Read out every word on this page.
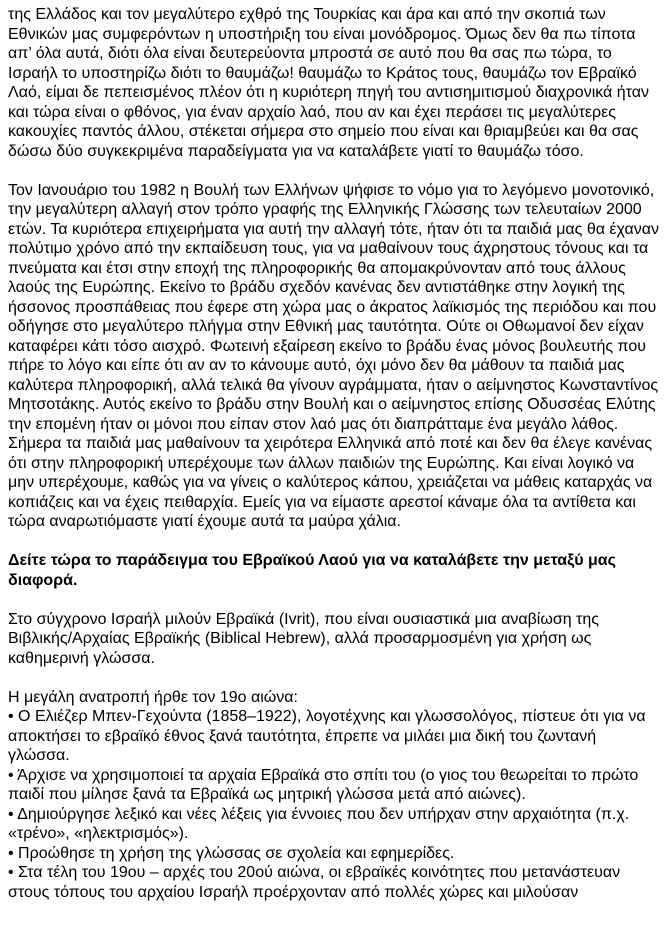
της Ελλάδος και τον μεγαλύτερο εχθρό της Τουρκίας και άρα και από την σκοπιά των Εθνικών μας συμφερόντων η υποστήριξη του είναι μονόδρομος. Όμως δεν θα πω τίποτα απ’ όλα αυτά, διότι όλα είναι δευτερεύοντα μπροστά σε αυτό που θα σας πω τώρα, το Ισραήλ το υποστηρίζω διότι το θαυμάζω! θαυμάζω το Κράτος τους, θαυμάζω τον Εβραϊκό Λαό, είμαι δε πεπεισμένος πλέον ότι η κυριότερη πηγή του αντισημιτισμού διαχρονικά ήταν και τώρα είναι ο φθόνος, για έναν αρχαίο λαό, που αν και έχει περάσει τις μεγαλύτερες κακουχίες παντός άλλου, στέκεται σήμερα στο σημείο που είναι και θριαμβεύει και θα σας δώσω δύο συγκεκριμένα παραδείγματα για να καταλάβετε γιατί το θαυμάζω τόσο.

Τον Ιανουάριο του 1982 η Βουλή των Ελλήνων ψήφισε το νόμο για το λεγόμενο μονοτονικό, την μεγαλύτερη αλλαγή στον τρόπο γραφής της Ελληνικής Γλώσσης των τελευταίων 2000 ετών. Τα κυριότερα επιχειρήματα για αυτή την αλλαγή τότε, ήταν ότι τα παιδιά μας θα έχαναν πολύτιμο χρόνο από την εκπαίδευση τους, για να μαθαίνουν τους άχρηστους τόνους και τα πνεύματα και έτσι στην εποχή της πληροφορικής θα απομακρύνονταν από τους άλλους λαούς της Ευρώπης. Εκείνο το βράδυ σχεδόν κανένας δεν αντιστάθηκε στην λογική της ήσσονος προσπάθειας που έφερε στη χώρα μας ο άκρατος λαϊκισμός της περιόδου και που οδήγησε στο μεγαλύτερο πλήγμα στην Εθνική μας ταυτότητα. Ούτε οι Οθωμανοί δεν είχαν καταφέρει κάτι τόσο αισχρό. Φωτεινή εξαίρεση εκείνο το βράδυ ένας μόνος βουλευτής που πήρε το λόγο και είπε ότι αν αν το κάνουμε αυτό, όχι μόνο δεν θα μάθουν τα παιδιά μας καλύτερα πληροφορική, αλλά τελικά θα γίνουν αγράμματα, ήταν ο αείμνηστος Κωνσταντίνος Μητσοτάκης. Αυτός εκείνο το βράδυ στην Βουλή και ο αείμνηστος επίσης Οδυσσέας Ελύτης την επομένη ήταν οι μόνοι που είπαν στον λαό μας ότι διαπράτταμε ένα μεγάλο λάθος. Σήμερα τα παιδιά μας μαθαίνουν τα χειρότερα Ελληνικά από ποτέ και δεν θα έλεγε κανένας ότι στην πληροφορική υπερέχουμε των άλλων παιδιών της Ευρώπης. Και είναι λογικό να μην υπερέχουμε, καθώς για να γίνεις ο καλύτερος κάπου, χρειάζεται να μάθεις καταρχάς να κοπιάζεις και να έχεις πειθαρχία. Εμείς για να είμαστε αρεστοί κάναμε όλα τα αντίθετα και τώρα αναρωτιόμαστε γιατί έχουμε αυτά τα μαύρα χάλια.

Δείτε τώρα το παράδειγμα του Εβραϊκού Λαού για να καταλάβετε την μεταξύ μας διαφορά.

Στο σύγχρονο Ισραήλ μιλούν Εβραϊκά (Ivrit), που είναι ουσιαστικά μια αναβίωση της Βιβλικής/Αρχαίας Εβραϊκής (Biblical Hebrew), αλλά προσαρμοσμένη για χρήση ως καθημερινή γλώσσα.

Η μεγάλη ανατροπή ήρθε τον 19ο αιώνα:
• Ο Ελιέζερ Μπεν-Γεχούντα (1858–1922), λογοτέχνης και γλωσσολόγος, πίστευε ότι για να αποκτήσει το εβραϊκό έθνος ξανά ταυτότητα, έπρεπε να μιλάει μια δική του ζωντανή γλώσσα.
• Άρχισε να χρησιμοποιεί τα αρχαία Εβραϊκά στο σπίτι του (ο γιος του θεωρείται το πρώτο παιδί που μίλησε ξανά τα Εβραϊκά ως μητρική γλώσσα μετά από αιώνες).
• Δημιούργησε λεξικό και νέες λέξεις για έννοιες που δεν υπήρχαν στην αρχαιότητα (π.χ. «τρένο», «ηλεκτρισμός»).
• Προώθησε τη χρήση της γλώσσας σε σχολεία και εφημερίδες.
• Στα τέλη του 19ου – αρχές του 20ού αιώνα, οι εβραϊκές κοινότητες που μετανάστευαν στους τόπους του αρχαίου Ισραήλ προέρχονταν από πολλές χώρες και μιλούσαν
